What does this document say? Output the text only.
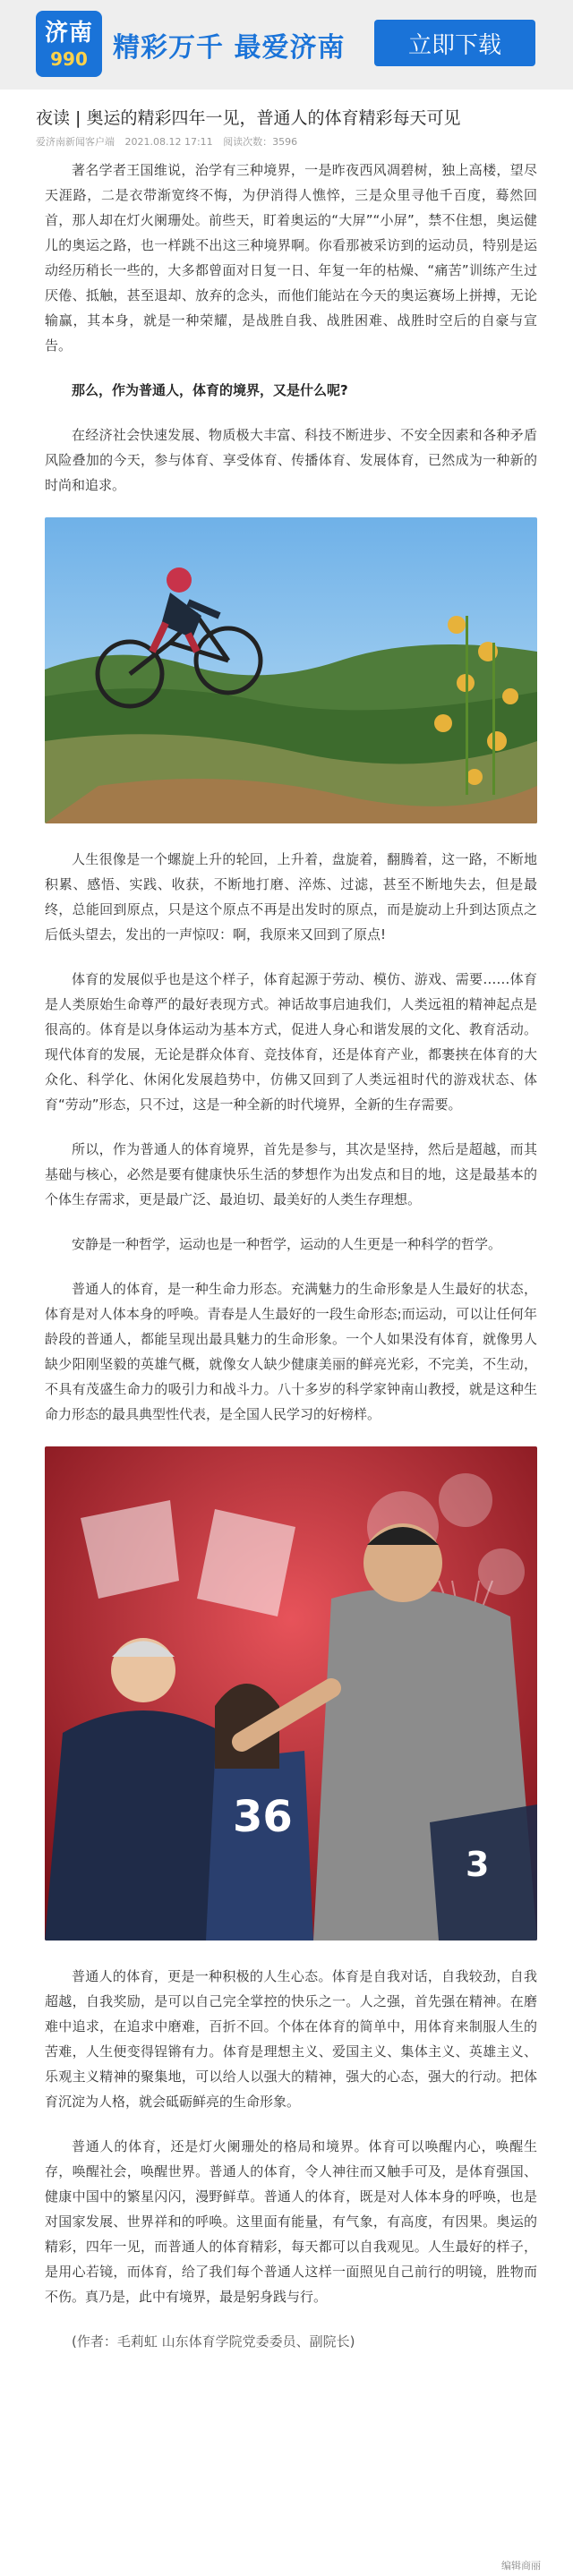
济南
990 精彩万千 最爱济南	立即下载
夜读 | 奥运的精彩四年一见，普通人的体育精彩每天可见
爱济南新闻客户端 2021.08.12 17:11 阅读次数：3596

著名学者王国维说，治学有三种境界，一是昨夜西风凋碧树，独上高楼，望尽天涯路，二是衣带渐宽终不悔，为伊消得人憔悴，三是众里寻他千百度，蓦然回首，那人却在灯火阑珊处。前些天，盯着奥运的“大屏”“小屏”，禁不住想，奥运健儿的奥运之路，也一样跳不出这三种境界啊。你看那被采访到的运动员，特别是运动经历稍长一些的，大多都曾面对日复一日、年复一年的枯燥、“痛苦”训练产生过厌倦、抵触，甚至退却、放弃的念头，而他们能站在今天的奥运赛场上拼搏，无论输赢，其本身，就是一种荣耀，是战胜自我、战胜困难、战胜时空后的自豪与宣告。

那么，作为普通人，体育的境界，又是什么呢?

在经济社会快速发展、物质极大丰富、科技不断进步、不安全因素和各种矛盾风险叠加的今天，参与体育、享受体育、传播体育、发展体育，已然成为一种新的时尚和追求。

人生很像是一个螺旋上升的轮回，上升着，盘旋着，翻腾着，这一路，不断地积累、感悟、实践、收获，不断地打磨、淬炼、过滤，甚至不断地失去，但是最终，总能回到原点，只是这个原点不再是出发时的原点，而是旋动上升到达顶点之后低头望去，发出的一声惊叹：啊，我原来又回到了原点!

体育的发展似乎也是这个样子，体育起源于劳动、模仿、游戏、需要……体育是人类原始生命尊严的最好表现方式。神话故事启迪我们，人类远祖的精神起点是很高的。体育是以身体运动为基本方式，促进人身心和谐发展的文化、教育活动。现代体育的发展，无论是群众体育、竞技体育，还是体育产业，都裹挟在体育的大众化、科学化、休闲化发展趋势中，仿佛又回到了人类远祖时代的游戏状态、体育“劳动”形态，只不过，这是一种全新的时代境界，全新的生存需要。

所以，作为普通人的体育境界，首先是参与，其次是坚持，然后是超越，而其基础与核心，必然是要有健康快乐生活的梦想作为出发点和目的地，这是最基本的个体生存需求，更是最广泛、最迫切、最美好的人类生存理想。

安静是一种哲学，运动也是一种哲学，运动的人生更是一种科学的哲学。

普通人的体育，是一种生命力形态。充满魅力的生命形象是人生最好的状态，体育是对人体本身的呼唤。青春是人生最好的一段生命形态;而运动，可以让任何年龄段的普通人，都能呈现出最具魅力的生命形象。一个人如果没有体育，就像男人缺少阳刚坚毅的英雄气概，就像女人缺少健康美丽的鲜亮光彩，不完美，不生动，不具有茂盛生命力的吸引力和战斗力。八十多岁的科学家钟南山教授，就是这种生命力形态的最具典型性代表，是全国人民学习的好榜样。

36
3

普通人的体育，更是一种积极的人生心态。体育是自我对话，自我较劲，自我超越，自我奖励，是可以自己完全掌控的快乐之一。人之强，首先强在精神。在磨难中追求，在追求中磨难，百折不回。个体在体育的简单中，用体育来制服人生的苦难，人生便变得锃锵有力。体育是理想主义、爱国主义、集体主义、英雄主义、乐观主义精神的聚集地，可以给人以强大的精神，强大的心态，强大的行动。把体育沉淀为人格，就会砥砺鲜亮的生命形象。

普通人的体育，还是灯火阑珊处的格局和境界。体育可以唤醒内心，唤醒生存，唤醒社会，唤醒世界。普通人的体育，令人神往而又触手可及，是体育强国、健康中国中的繁星闪闪，漫野鲜草。普通人的体育，既是对人体本身的呼唤，也是对国家发展、世界祥和的呼唤。这里面有能量，有气象，有高度，有因果。奥运的精彩，四年一见，而普通人的体育精彩，每天都可以自我观见。人生最好的样子，是用心若镜，而体育，给了我们每个普通人这样一面照见自己前行的明镜，胜物而不伤。真乃是，此中有境界，最是躬身践与行。

(作者：毛莉虹 山东体育学院党委委员、副院长)

编辑商丽
